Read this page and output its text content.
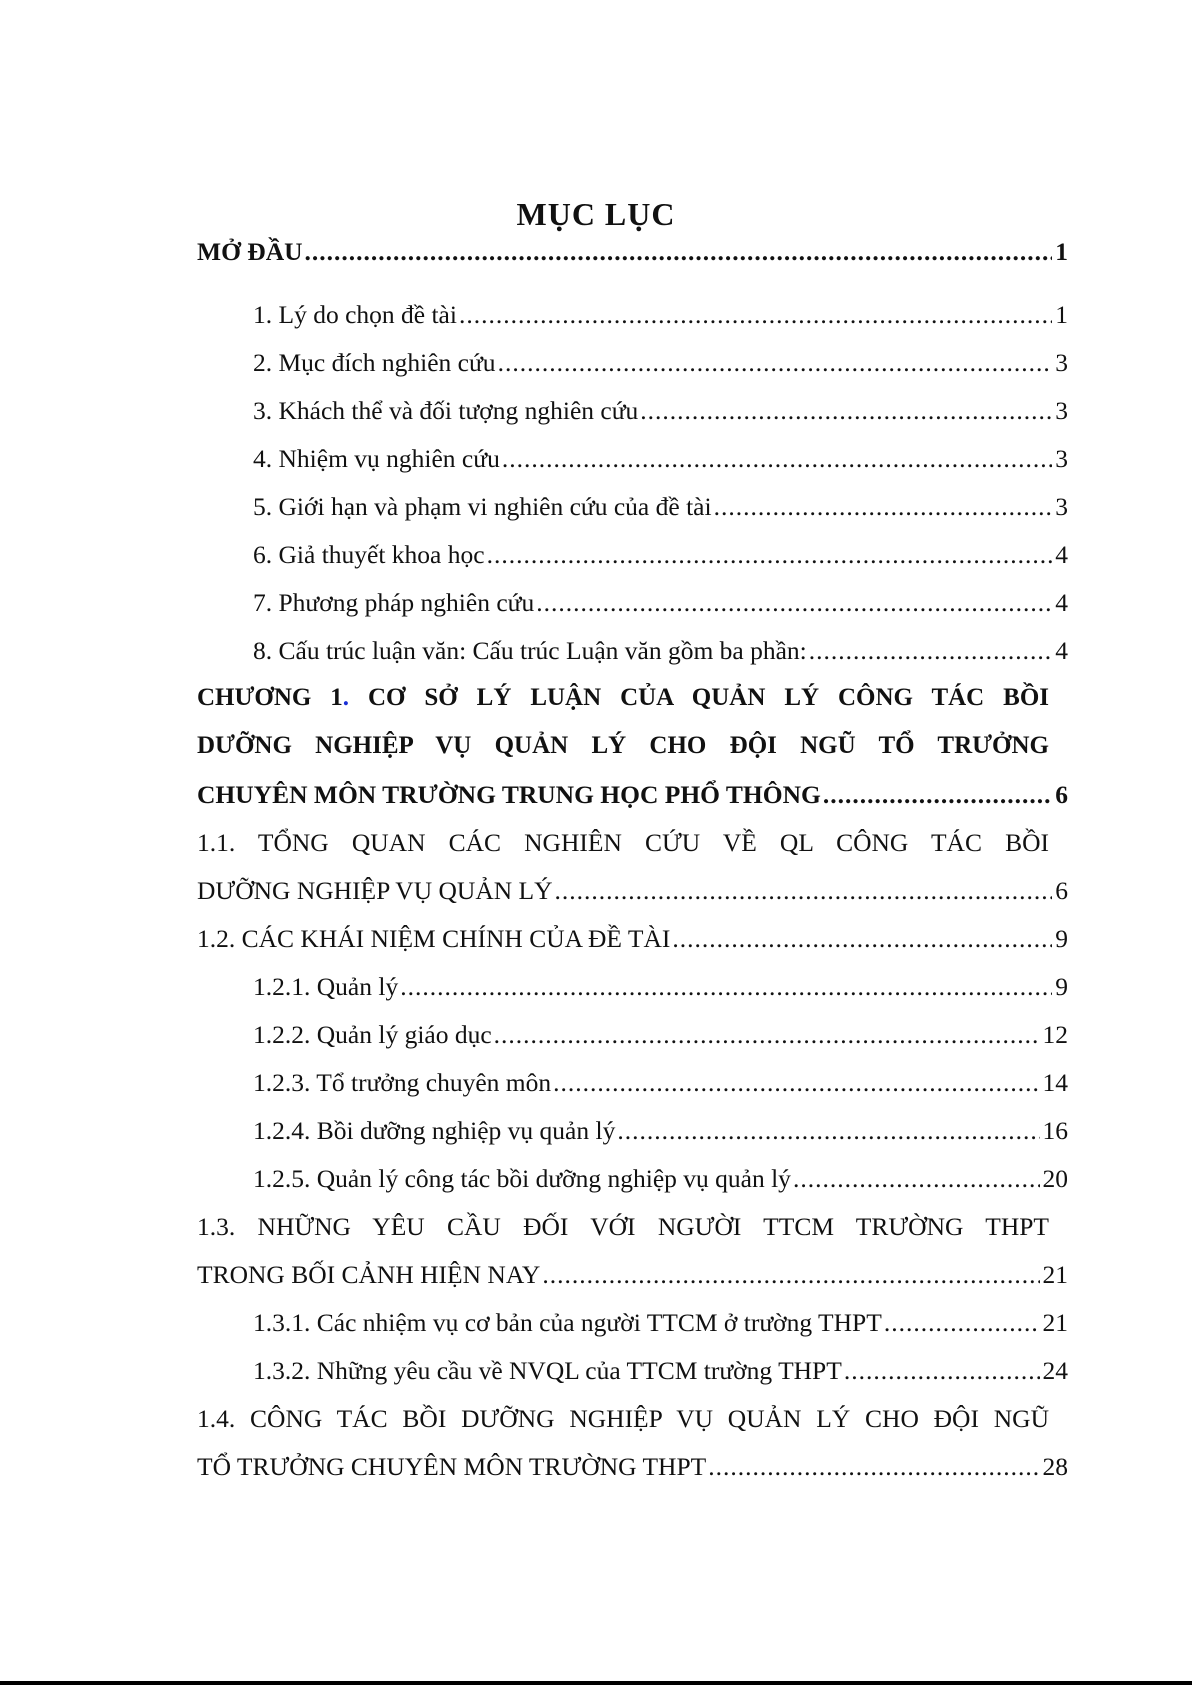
MỤC LỤC
MỞ ĐẦU .....	1
1. Lý do chọn đề tài .....	1
2. Mục đích nghiên cứu .....	3
3. Khách thể và đối tượng nghiên cứu .....	3
4. Nhiệm vụ nghiên cứu .....	3
5. Giới hạn và phạm vi nghiên cứu của đề tài .....	3
6. Giả thuyết khoa học .....	4
7. Phương pháp nghiên cứu .....	4
8. Cấu trúc luận văn: Cấu trúc Luận văn gồm ba phần: .....	4
CHƯƠNG 1. CƠ SỞ LÝ LUẬN CỦA QUẢN LÝ CÔNG TÁC BỒI
DƯỠNG NGHIỆP VỤ QUẢN LÝ CHO ĐỘI NGŨ TỔ TRƯỞNG
CHUYÊN MÔN TRƯỜNG TRUNG HỌC PHỔ THÔNG .....	6
1.1. TỔNG QUAN CÁC NGHIÊN CỨU VỀ QL CÔNG TÁC BỒI
DƯỠNG NGHIỆP VỤ QUẢN LÝ .....	6
1.2. CÁC KHÁI NIỆM CHÍNH CỦA ĐỀ TÀI .....	9
1.2.1. Quản lý .....	9
1.2.2. Quản lý giáo dục .....	12
1.2.3. Tổ trưởng chuyên môn .....	14
1.2.4. Bồi dưỡng nghiệp vụ quản lý .....	16
1.2.5. Quản lý công tác bồi dưỡng nghiệp vụ quản lý .....	20
1.3. NHỮNG YÊU CẦU ĐỐI VỚI NGƯỜI TTCM TRƯỜNG THPT
TRONG BỐI CẢNH HIỆN NAY .....	21
1.3.1. Các nhiệm vụ cơ bản của người TTCM ở trường THPT .....	21
1.3.2. Những yêu cầu về NVQL của TTCM trường THPT .....	24
1.4. CÔNG TÁC BỒI DƯỠNG NGHIỆP VỤ QUẢN LÝ CHO ĐỘI NGŨ
TỔ TRƯỞNG CHUYÊN MÔN TRƯỜNG THPT .....	28
